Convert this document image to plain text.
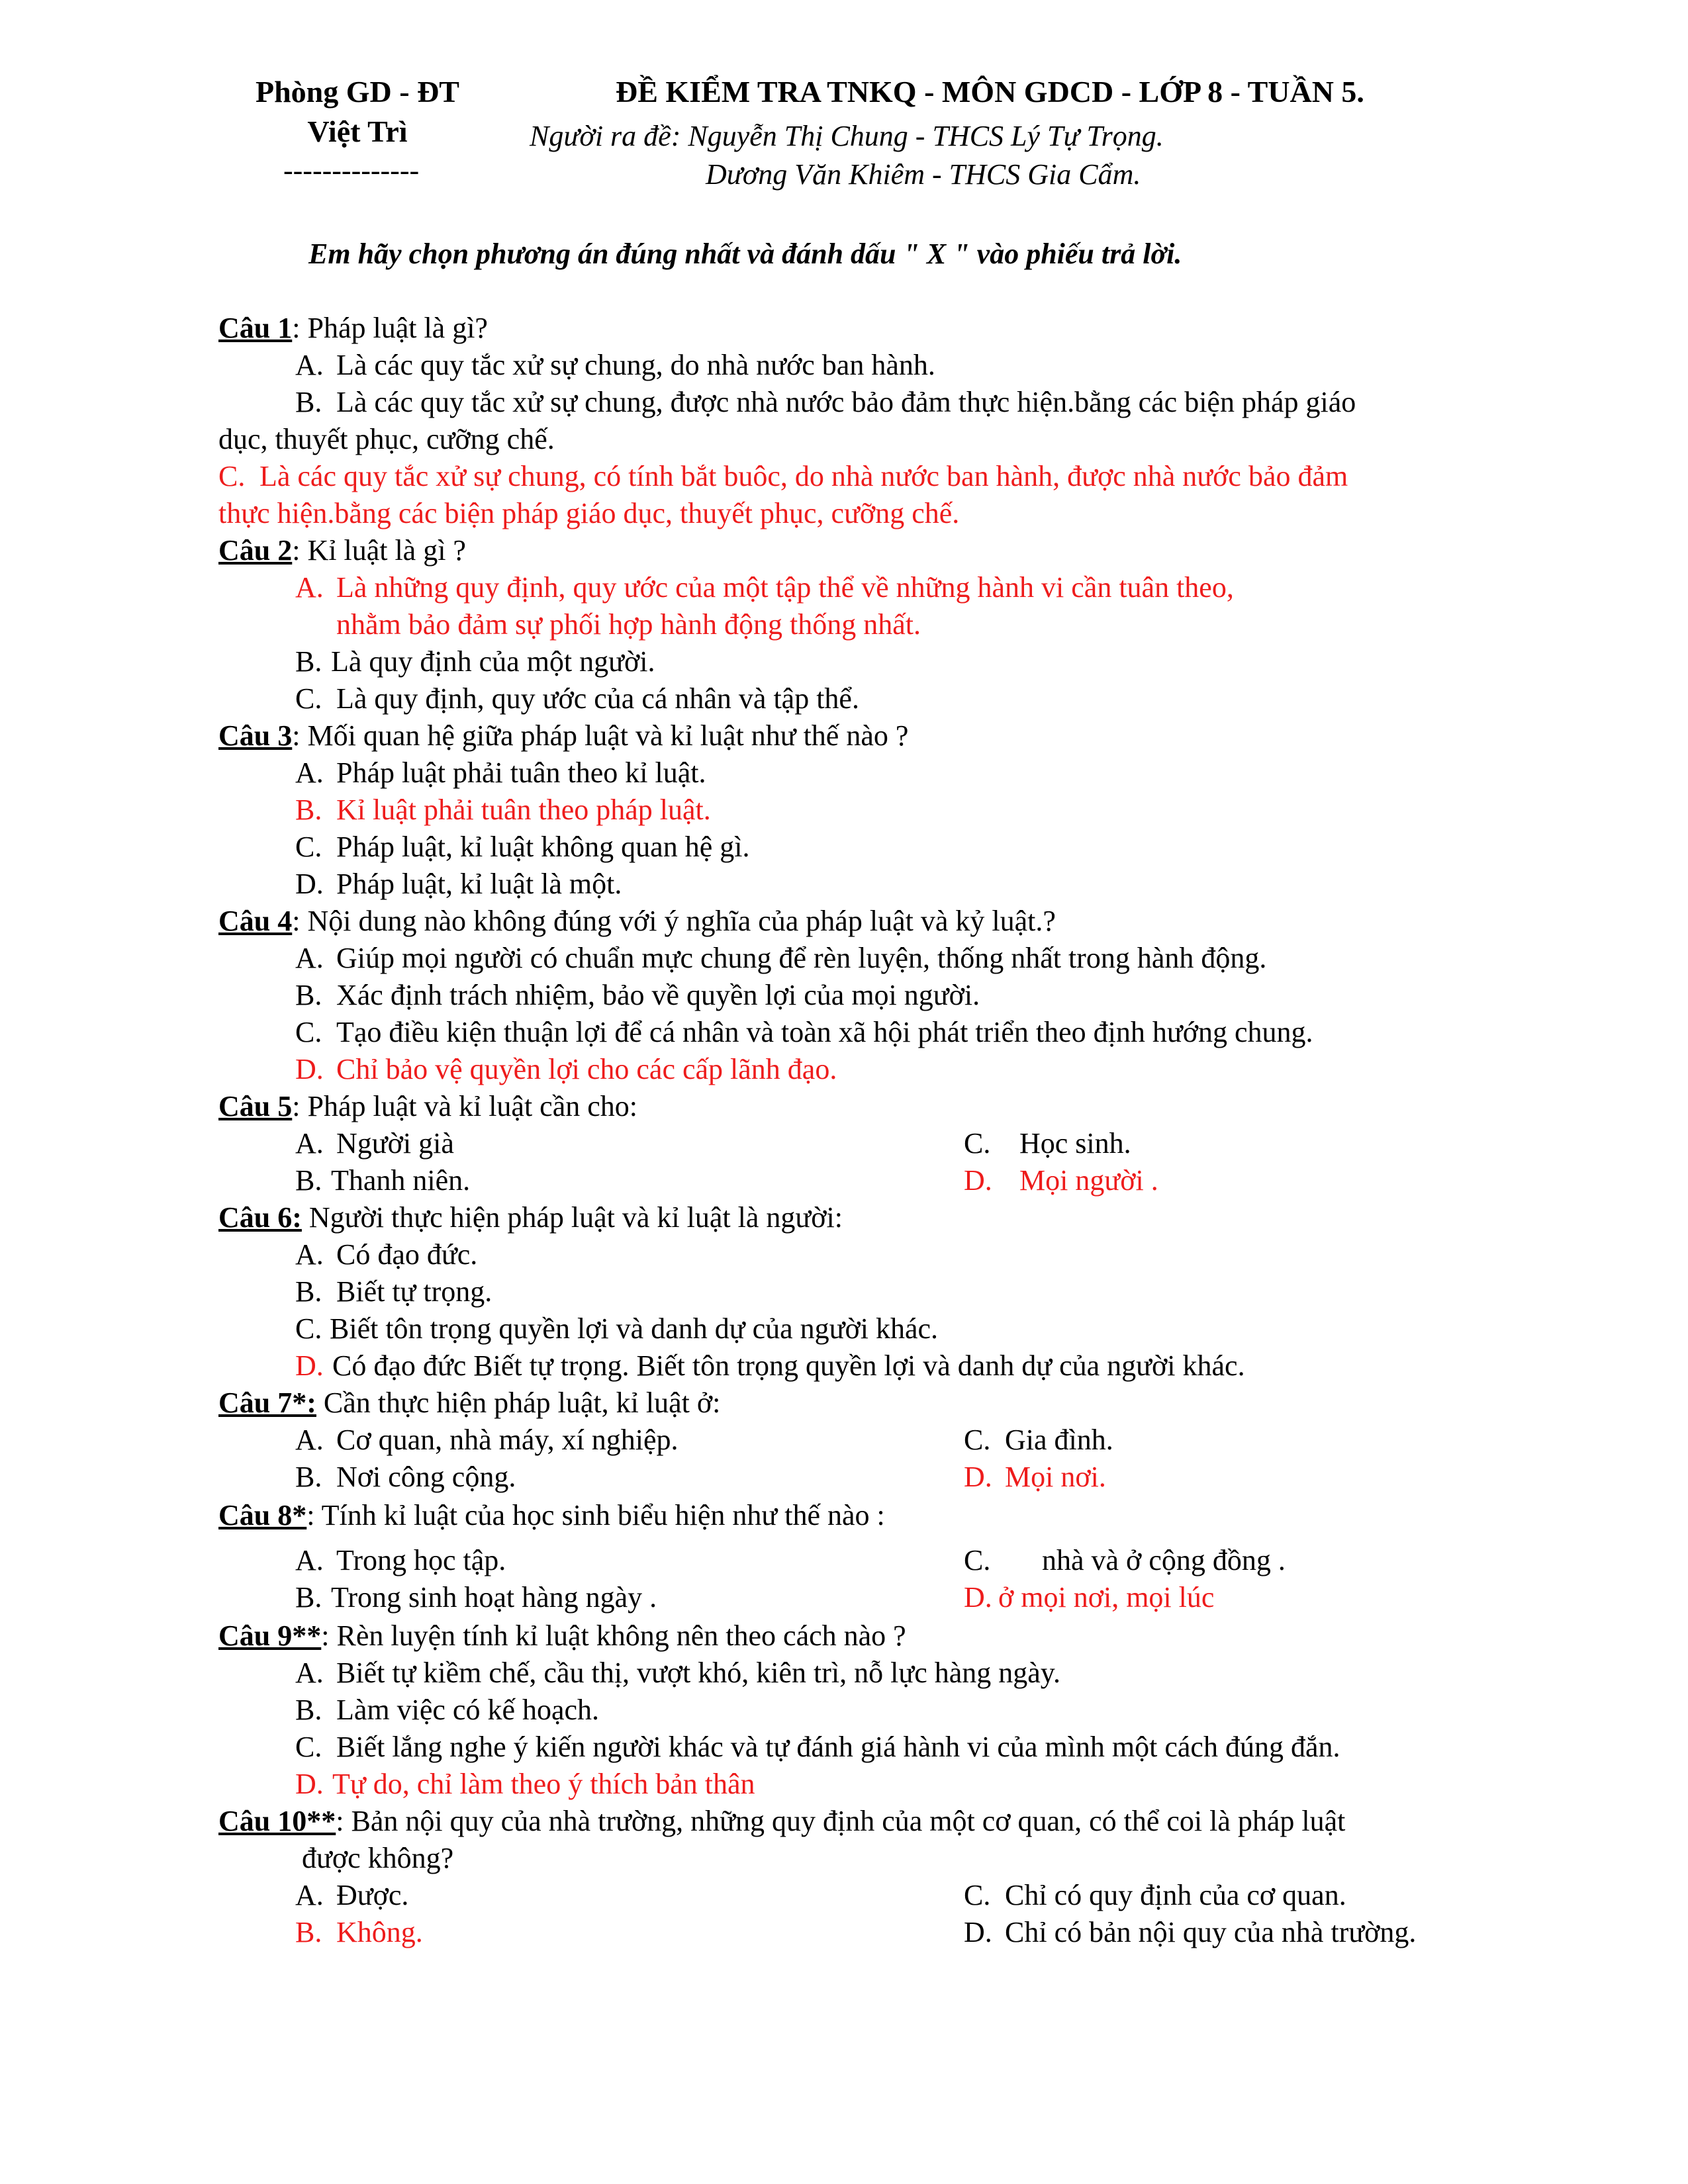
Phòng GD - ĐT
Việt Trì
--------------
ĐỀ KIỂM TRA TNKQ - MÔN GDCD - LỚP 8 - TUẦN 5.
Người ra đề: Nguyễn Thị Chung - THCS Lý Tự Trọng.
Dương Văn Khiêm - THCS Gia Cẩm.
Em hãy chọn phương án đúng nhất và đánh dấu " X " vào phiếu trả lời.
Câu 1: Pháp luật là gì?
A. Là các quy tắc xử sự chung, do nhà nước ban hành.
B. Là các quy tắc xử sự chung, được nhà nước bảo đảm thực hiện.bằng các biện pháp giáo
dục, thuyết phục, cưỡng chế.
C. Là các quy tắc xử sự chung, có tính bắt buôc, do nhà nước ban hành, được nhà nước bảo đảm
thực hiện.bằng các biện pháp giáo dục, thuyết phục, cưỡng chế.
Câu 2: Kỉ luật là gì ?
A. Là những quy định, quy ước của một tập thể về những hành vi cần tuân theo,
nhằm bảo đảm sự phối hợp hành động thống nhất.
B. Là quy định của một người.
C. Là quy định, quy ước của cá nhân và tập thể.
Câu 3: Mối quan hệ giữa pháp luật và kỉ luật như thế nào ?
A. Pháp luật phải tuân theo kỉ luật.
B. Kỉ luật phải tuân theo pháp luật.
C. Pháp luật, kỉ luật không quan hệ gì.
D. Pháp luật, kỉ luật là một.
Câu 4: Nội dung nào không đúng với ý nghĩa của pháp luật và kỷ luật.?
A. Giúp mọi người có chuẩn mực chung để rèn luyện, thống nhất trong hành động.
B. Xác định trách nhiệm, bảo về quyền lợi của mọi người.
C. Tạo điều kiện thuận lợi để cá nhân và toàn xã hội phát triển theo định hướng chung.
D. Chỉ bảo vệ quyền lợi cho các cấp lãnh đạo.
Câu 5: Pháp luật và kỉ luật cần cho:
A. Người già	C. Học sinh.
B. Thanh niên.	D. Mọi người .
Câu 6: Người thực hiện pháp luật và kỉ luật là người:
A. Có đạo đức.
B. Biết tự trọng.
C. Biết tôn trọng quyền lợi và danh dự của người khác.
D. Có đạo đức Biết tự trọng. Biết tôn trọng quyền lợi và danh dự của người khác.
Câu 7*: Cần thực hiện pháp luật, kỉ luật ở:
A. Cơ quan, nhà máy, xí nghiệp.	C. Gia đình.
B. Nơi công cộng.	D. Mọi nơi.
Câu 8*: Tính kỉ luật của học sinh biểu hiện như thế nào :
A. Trong học tập.	C. nhà và ở cộng đồng .
B. Trong sinh hoạt hàng ngày .	D. ở mọi nơi, mọi lúc
Câu 9**: Rèn luyện tính kỉ luật không nên theo cách nào ?
A. Biết tự kiềm chế, cầu thị, vượt khó, kiên trì, nỗ lực hàng ngày.
B. Làm việc có kế hoạch.
C. Biết lắng nghe ý kiến người khác và tự đánh giá hành vi của mình một cách đúng đắn.
D. Tự do, chỉ làm theo ý thích bản thân
Câu 10**: Bản nội quy của nhà trường, những quy định của một cơ quan, có thể coi là pháp luật
được không?
A. Được.	C. Chỉ có quy định của cơ quan.
B. Không.	D. Chỉ có bản nội quy của nhà trường.
